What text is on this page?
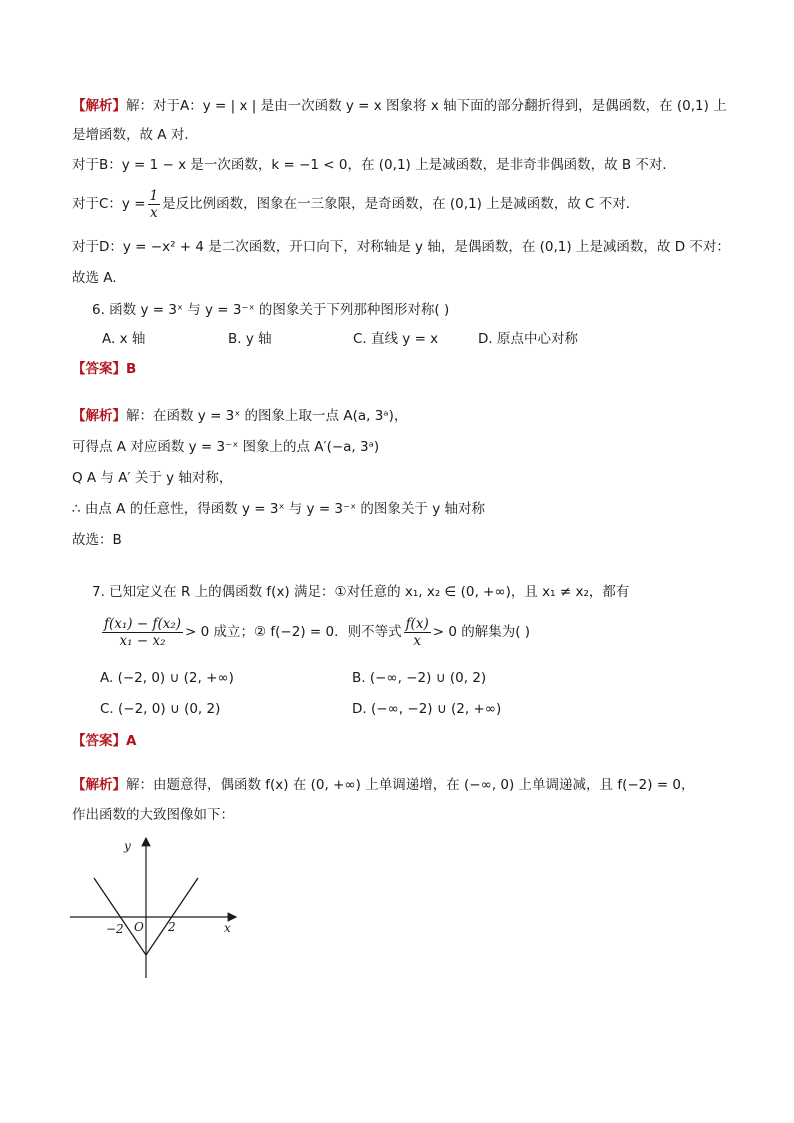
【解析】解：对于A：y = | x | 是由一次函数 y = x 图象将 x 轴下面的部分翻折得到，是偶函数，在 (0,1) 上
是增函数，故 A 对．
对于B：y = 1 − x 是一次函数，k = −1 < 0，在 (0,1) 上是减函数，是非奇非偶函数，故 B 不对．
对于C：$y = \frac{1}{x}$ 是反比例函数，图象在一三象限，是奇函数，在 (0,1) 上是减函数，故 C 不对．
对于D：y = −x² + 4 是二次函数，开口向下，对称轴是 y 轴，是偶函数，在 (0,1) 上是减函数，故 D 不对：
故选 A.
6. 函数 y = 3ˣ 与 y = 3⁻ˣ 的图象关于下列那种图形对称( )
A. x 轴	B. y 轴	C. 直线 y = x	D. 原点中心对称
【答案】B
【解析】解：在函数 y = 3ˣ 的图象上取一点 A(a, 3ᵃ)，
可得点 A 对应函数 y = 3⁻ˣ 图象上的点 A′(−a, 3ᵃ)
Q A 与 A′ 关于 y 轴对称，
∴ 由点 A 的任意性，得函数 y = 3ˣ 与 y = 3⁻ˣ 的图象关于 y 轴对称
故选：B
7. 已知定义在 R 上的偶函数 f(x) 满足：①对任意的 x₁, x₂ ∈ (0, +∞)，且 x₁ ≠ x₂，都有
$\frac{\text{f(x₁) − f(x₂)}}{\text{x₁ − x₂}} > 0$ 成立；② f(−2) = 0．则不等式 $\frac{f(x)}{x} > 0$ 的解集为( )
A. (−2, 0) ∪ (2, +∞)	B. (−∞, −2) ∪ (0, 2)
C. (−2, 0) ∪ (0, 2)	D. (−∞, −2) ∪ (2, +∞)
【答案】A
【解析】解：由题意得，偶函数 f(x) 在 (0, +∞) 上单调递增，在 (−∞, 0) 上单调递减，且 f(−2) = 0，
作出函数的大致图像如下：
y
x
O
−2	2
